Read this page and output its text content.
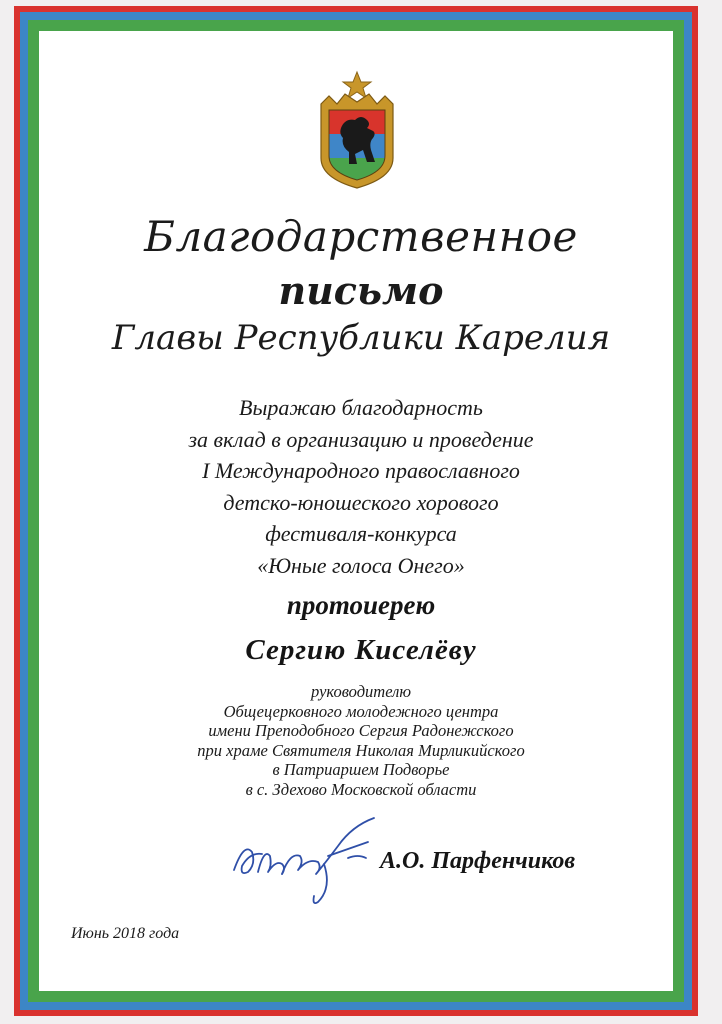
Благодарственное
письмо
Главы Республики Карелия
Выражаю благодарность
за вклад в организацию и проведение
I Международного православного
детско-юношеского хорового
фестиваля-конкурса
«Юные голоса Онего»
протоиерею
Сергию Киселёву
руководителю
Общецерковного молодежного центра
имени Преподобного Сергия Радонежского
при храме Святителя Николая Мирликийского
в Патриаршем Подворье
в с. Здехово Московской области
А.О. Парфенчиков
Июнь 2018 года
